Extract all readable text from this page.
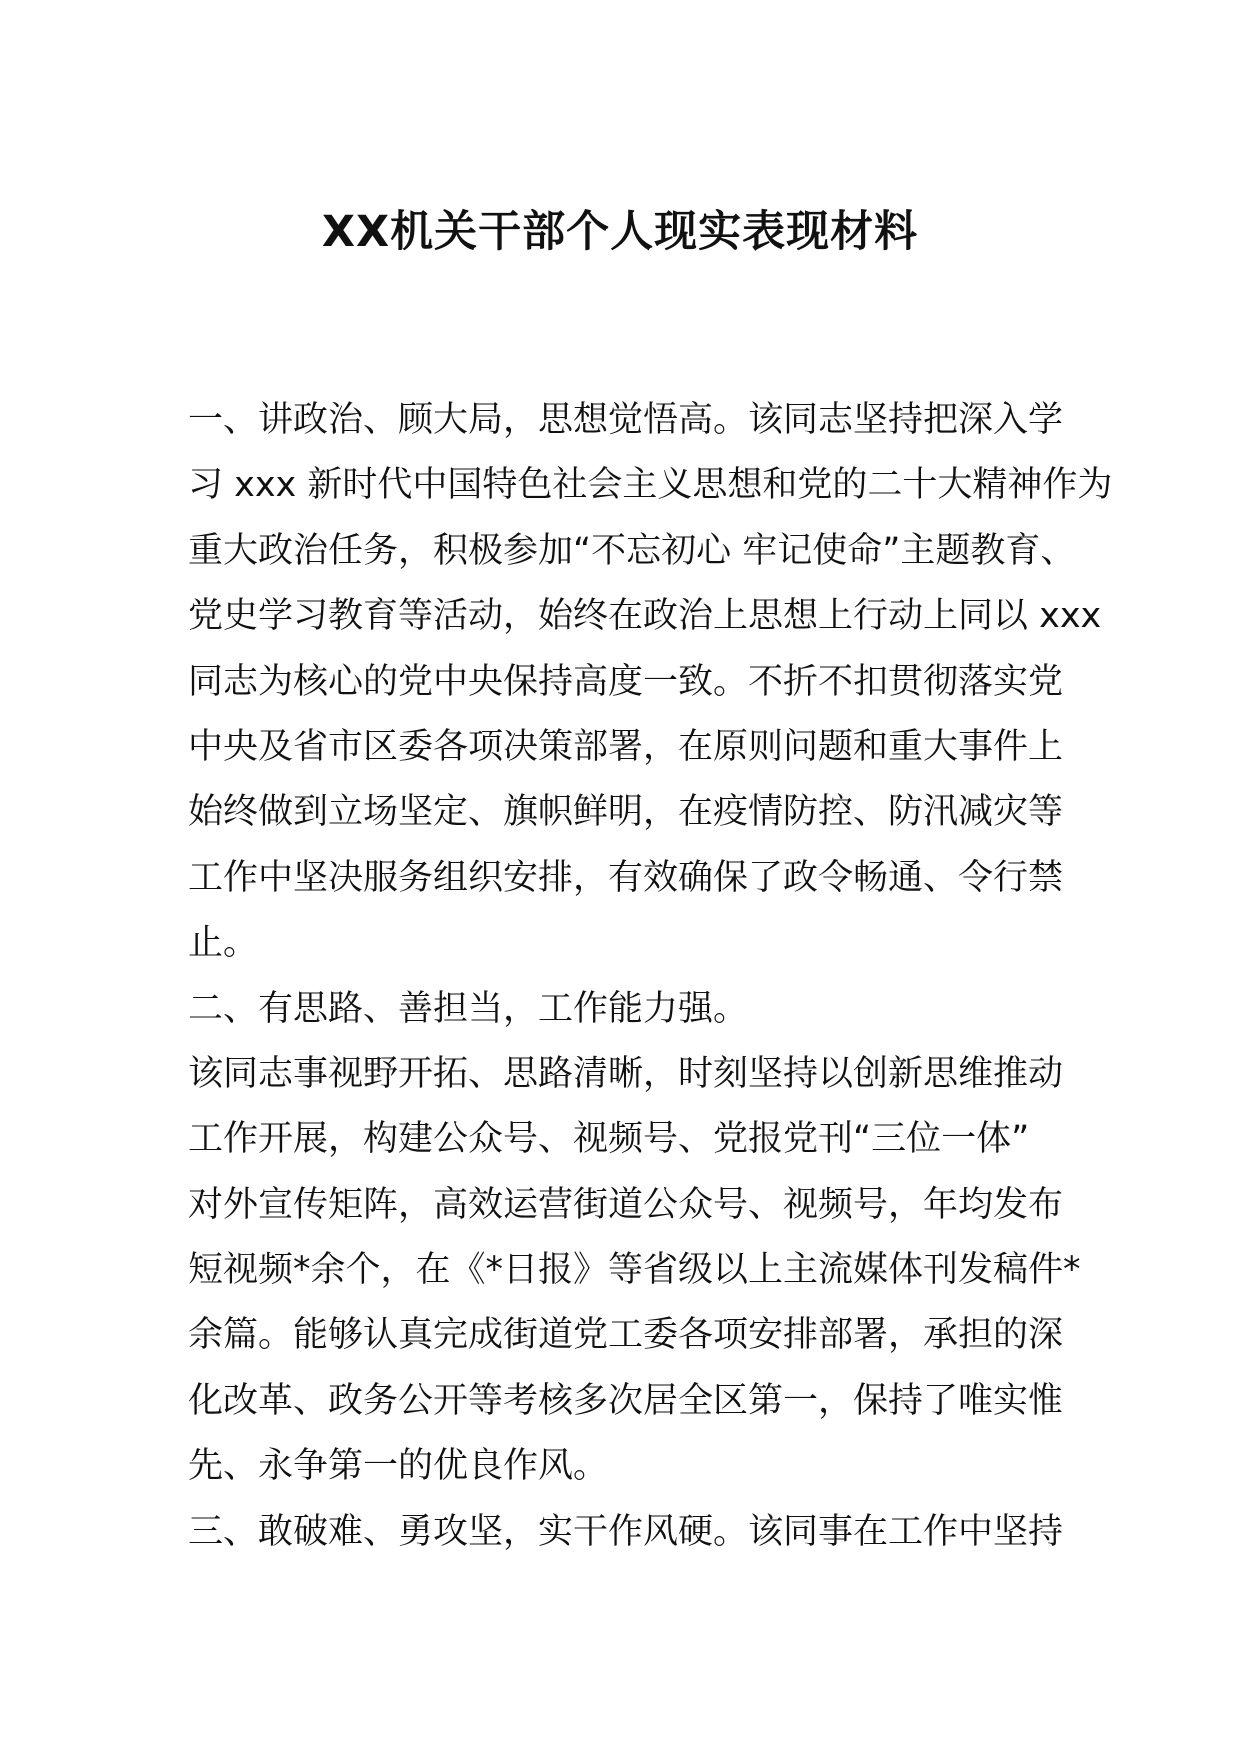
XX机关干部个人现实表现材料
一、讲政治、顾大局，思想觉悟高。该同志坚持把深入学
习 xxx 新时代中国特色社会主义思想和党的二十大精神作为
重大政治任务，积极参加“不忘初心 牢记使命”主题教育、
党史学习教育等活动，始终在政治上思想上行动上同以 xxx
同志为核心的党中央保持高度一致。不折不扣贯彻落实党
中央及省市区委各项决策部署，在原则问题和重大事件上
始终做到立场坚定、旗帜鲜明，在疫情防控、防汛减灾等
工作中坚决服务组织安排，有效确保了政令畅通、令行禁
止。
二、有思路、善担当，工作能力强。
该同志事视野开拓、思路清晰，时刻坚持以创新思维推动
工作开展，构建公众号、视频号、党报党刊“三位一体”
对外宣传矩阵，高效运营街道公众号、视频号，年均发布
短视频*余个，在《*日报》等省级以上主流媒体刊发稿件*
余篇。能够认真完成街道党工委各项安排部署，承担的深
化改革、政务公开等考核多次居全区第一，保持了唯实惟
先、永争第一的优良作风。
三、敢破难、勇攻坚，实干作风硬。该同事在工作中坚持
